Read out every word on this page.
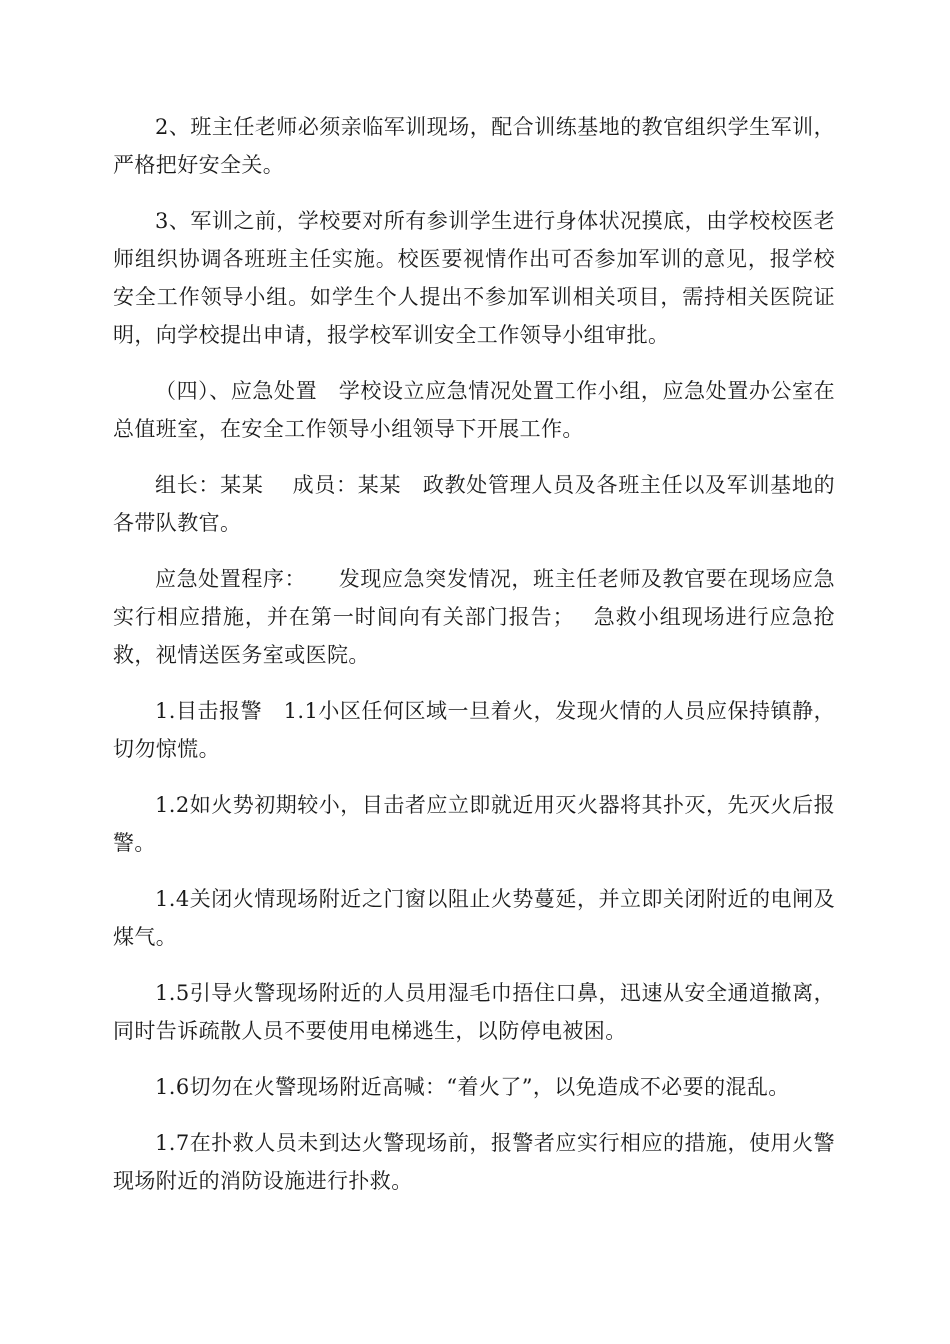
2、班主任老师必须亲临军训现场，配合训练基地的教官组织学生军训，严格把好安全关。

3、军训之前，学校要对所有参训学生进行身体状况摸底，由学校校医老师组织协调各班班主任实施。校医要视情作出可否参加军训的意见，报学校安全工作领导小组。如学生个人提出不参加军训相关项目，需持相关医院证明，向学校提出申请，报学校军训安全工作领导小组审批。

（四）、应急处置　学校设立应急情况处置工作小组，应急处置办公室在总值班室，在安全工作领导小组领导下开展工作。

组长：某某　 成员：某某　政教处管理人员及各班主任以及军训基地的各带队教官。

应急处置程序：　　发现应急突发情况，班主任老师及教官要在现场应急实行相应措施，并在第一时间向有关部门报告；　 急救小组现场进行应急抢救，视情送医务室或医院。

1.目击报警　1.1小区任何区域一旦着火，发现火情的人员应保持镇静，切勿惊慌。

1.2如火势初期较小，目击者应立即就近用灭火器将其扑灭，先灭火后报警。

1.4关闭火情现场附近之门窗以阻止火势蔓延，并立即关闭附近的电闸及煤气。

1.5引导火警现场附近的人员用湿毛巾捂住口鼻，迅速从安全通道撤离，同时告诉疏散人员不要使用电梯逃生，以防停电被困。

1.6切勿在火警现场附近高喊：“着火了”，以免造成不必要的混乱。

1.7在扑救人员未到达火警现场前，报警者应实行相应的措施，使用火警现场附近的消防设施进行扑救。
